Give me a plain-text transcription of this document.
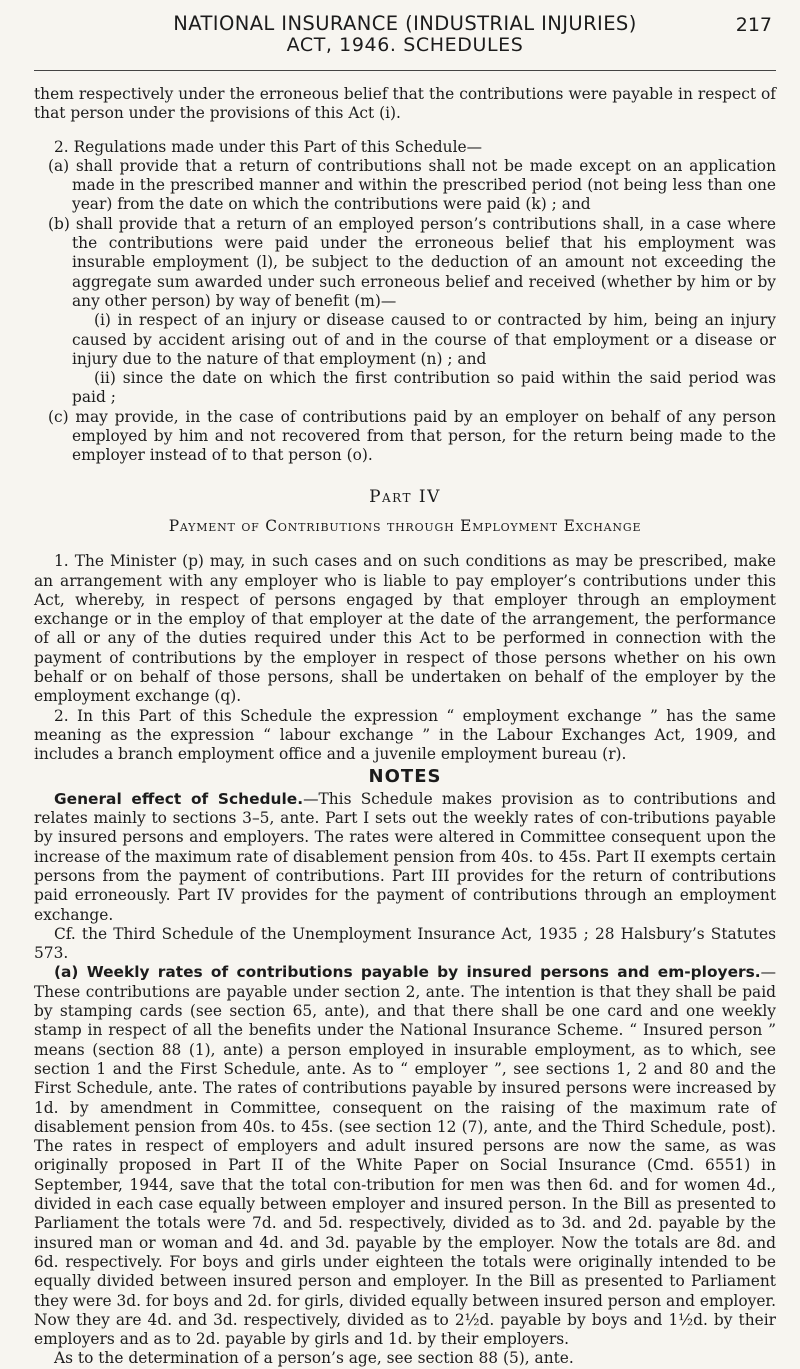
NATIONAL INSURANCE (INDUSTRIAL INJURIES)

ACT, 1946. SCHEDULES

217

them respectively under the erroneous belief that the contributions were payable in respect of that person under the provisions of this Act (i).

2. Regulations made under this Part of this Schedule—

(a) shall provide that a return of contributions shall not be made except on an application made in the prescribed manner and within the prescribed period (not being less than one year) from the date on which the contributions were paid (k) ; and

(b) shall provide that a return of an employed person’s contributions shall, in a case where the contributions were paid under the erroneous belief that his employment was insurable employment (l), be subject to the deduction of an amount not exceeding the aggregate sum awarded under such erroneous belief and received (whether by him or by any other person) by way of benefit (m)—

(i) in respect of an injury or disease caused to or contracted by him, being an injury caused by accident arising out of and in the course of that employment or a disease or injury due to the nature of that employment (n) ; and

(ii) since the date on which the first contribution so paid within the said period was paid ;

(c) may provide, in the case of contributions paid by an employer on behalf of any person employed by him and not recovered from that person, for the return being made to the employer instead of to that person (o).

Part IV

Payment of Contributions through Employment Exchange

1. The Minister (p) may, in such cases and on such conditions as may be prescribed, make an arrangement with any employer who is liable to pay employer’s contributions under this Act, whereby, in respect of persons engaged by that employer through an employment exchange or in the employ of that employer at the date of the arrangement, the performance of all or any of the duties required under this Act to be performed in connection with the payment of contributions by the employer in respect of those persons whether on his own behalf or on behalf of those persons, shall be undertaken on behalf of the employer by the employment exchange (q).

2. In this Part of this Schedule the expression “ employment exchange ” has the same meaning as the expression “ labour exchange ” in the Labour Exchanges Act, 1909, and includes a branch employment office and a juvenile employment bureau (r).

NOTES

General effect of Schedule.—This Schedule makes provision as to contributions and relates mainly to sections 3–5, ante. Part I sets out the weekly rates of con-tributions payable by insured persons and employers. The rates were altered in Committee consequent upon the increase of the maximum rate of disablement pension from 40s. to 45s. Part II exempts certain persons from the payment of contributions. Part III provides for the return of contributions paid erroneously. Part IV provides for the payment of contributions through an employment exchange.

Cf. the Third Schedule of the Unemployment Insurance Act, 1935 ; 28 Halsbury’s Statutes 573.

(a) Weekly rates of contributions payable by insured persons and em-ployers.—These contributions are payable under section 2, ante. The intention is that they shall be paid by stamping cards (see section 65, ante), and that there shall be one card and one weekly stamp in respect of all the benefits under the National Insurance Scheme. “ Insured person ” means (section 88 (1), ante) a person employed in insurable employment, as to which, see section 1 and the First Schedule, ante. As to “ employer ”, see sections 1, 2 and 80 and the First Schedule, ante. The rates of contributions payable by insured persons were increased by 1d. by amendment in Committee, consequent on the raising of the maximum rate of disablement pension from 40s. to 45s. (see section 12 (7), ante, and the Third Schedule, post). The rates in respect of employers and adult insured persons are now the same, as was originally proposed in Part II of the White Paper on Social Insurance (Cmd. 6551) in September, 1944, save that the total con-tribution for men was then 6d. and for women 4d., divided in each case equally between employer and insured person. In the Bill as presented to Parliament the totals were 7d. and 5d. respectively, divided as to 3d. and 2d. payable by the insured man or woman and 4d. and 3d. payable by the employer. Now the totals are 8d. and 6d. respectively. For boys and girls under eighteen the totals were originally intended to be equally divided between insured person and employer. In the Bill as presented to Parliament they were 3d. for boys and 2d. for girls, divided equally between insured person and employer. Now they are 4d. and 3d. respectively, divided as to 2½d. payable by boys and 1½d. by their employers and as to 2d. payable by girls and 1d. by their employers.

As to the determination of a person’s age, see section 88 (5), ante.
